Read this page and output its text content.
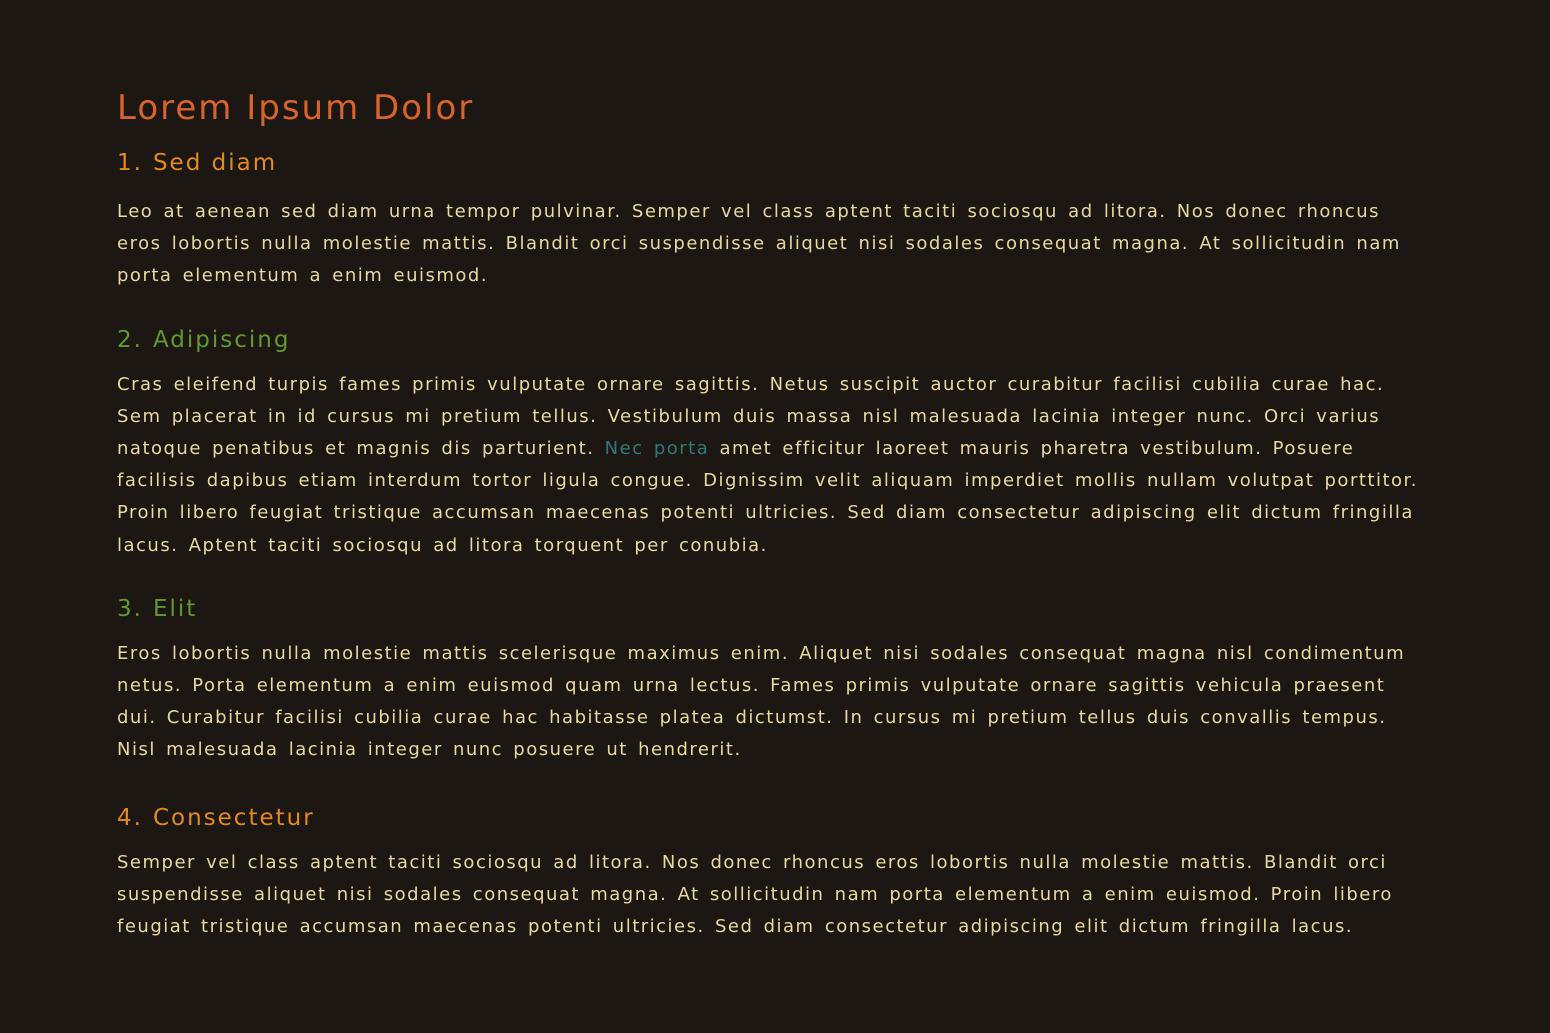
Lorem Ipsum Dolor
1. Sed diam

Leo at aenean sed diam urna tempor pulvinar. Semper vel class aptent taciti sociosqu ad litora. Nos donec rhoncus eros lobortis nulla molestie mattis. Blandit orci suspendisse aliquet nisi sodales consequat magna. At sollicitudin nam porta elementum a enim euismod.

2. Adipiscing

Cras eleifend turpis fames primis vulputate ornare sagittis. Netus suscipit auctor curabitur facilisi cubilia curae hac. Sem placerat in id cursus mi pretium tellus. Vestibulum duis massa nisl malesuada lacinia integer nunc. Orci varius natoque penatibus et magnis dis parturient. Nec porta amet efficitur laoreet mauris pharetra vestibulum. Posuere facilisis dapibus etiam interdum tortor ligula congue. Dignissim velit aliquam imperdiet mollis nullam volutpat porttitor. Proin libero feugiat tristique accumsan maecenas potenti ultricies. Sed diam consectetur adipiscing elit dictum fringilla lacus. Aptent taciti sociosqu ad litora torquent per conubia.

3. Elit

Eros lobortis nulla molestie mattis scelerisque maximus enim. Aliquet nisi sodales consequat magna nisl condimentum netus. Porta elementum a enim euismod quam urna lectus. Fames primis vulputate ornare sagittis vehicula praesent dui. Curabitur facilisi cubilia curae hac habitasse platea dictumst. In cursus mi pretium tellus duis convallis tempus. Nisl malesuada lacinia integer nunc posuere ut hendrerit.

4. Consectetur

Semper vel class aptent taciti sociosqu ad litora. Nos donec rhoncus eros lobortis nulla molestie mattis. Blandit orci suspendisse aliquet nisi sodales consequat magna. At sollicitudin nam porta elementum a enim euismod. Proin libero feugiat tristique accumsan maecenas potenti ultricies. Sed diam consectetur adipiscing elit dictum fringilla lacus.
